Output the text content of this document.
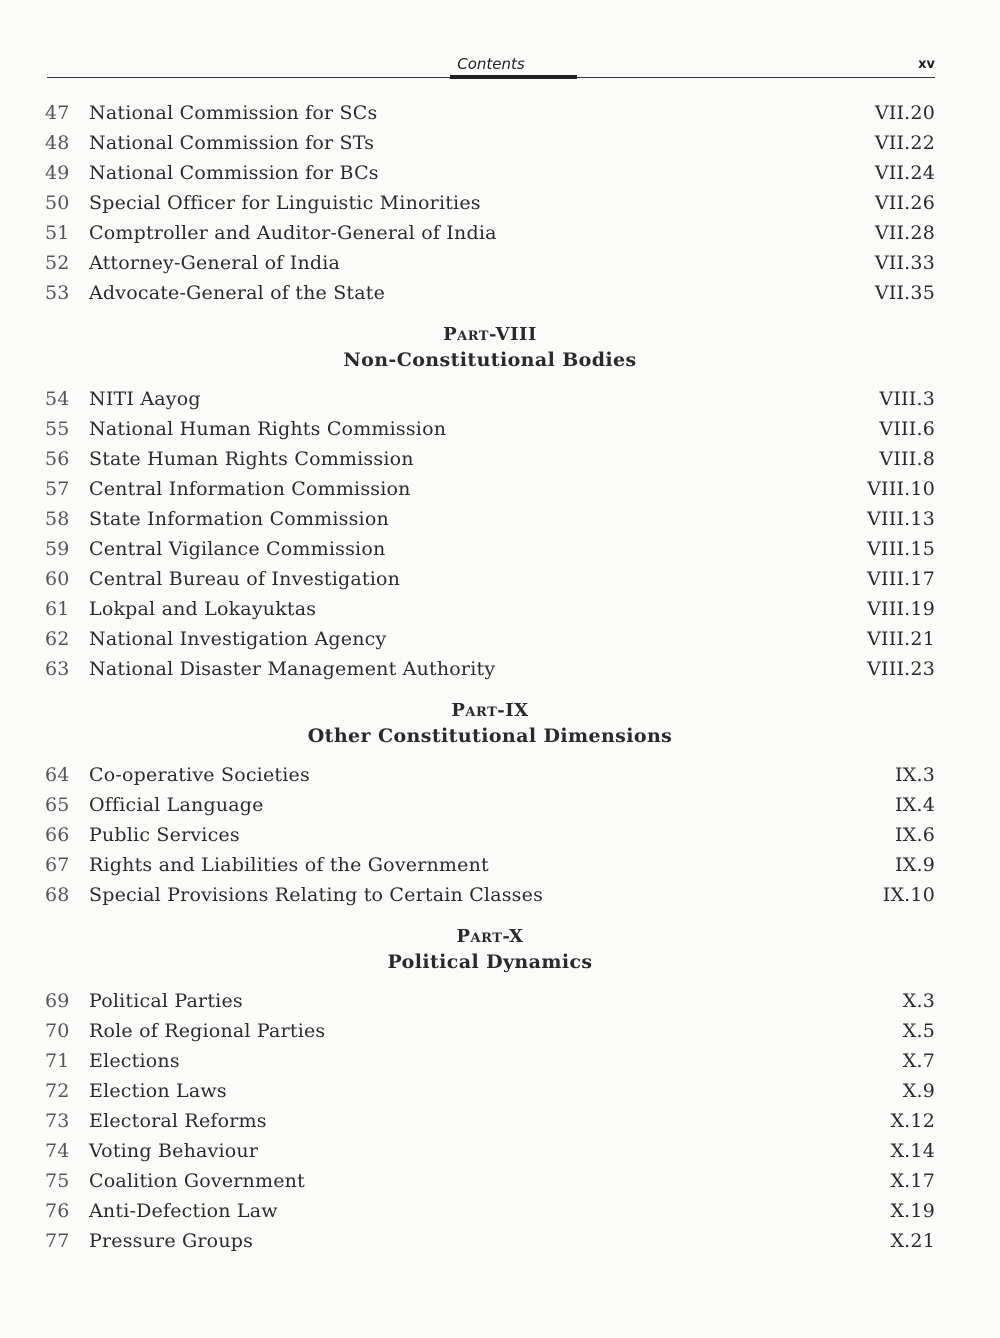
Contents	xv
47	National Commission for SCs	VII.20
48	National Commission for STs	VII.22
49	National Commission for BCs	VII.24
50	Special Officer for Linguistic Minorities	VII.26
51	Comptroller and Auditor-General of India	VII.28
52	Attorney-General of India	VII.33
53	Advocate-General of the State	VII.35
Part-VIII
Non-Constitutional Bodies
54	NITI Aayog	VIII.3
55	National Human Rights Commission	VIII.6
56	State Human Rights Commission	VIII.8
57	Central Information Commission	VIII.10
58	State Information Commission	VIII.13
59	Central Vigilance Commission	VIII.15
60	Central Bureau of Investigation	VIII.17
61	Lokpal and Lokayuktas	VIII.19
62	National Investigation Agency	VIII.21
63	National Disaster Management Authority	VIII.23
Part-IX
Other Constitutional Dimensions
64	Co-operative Societies	IX.3
65	Official Language	IX.4
66	Public Services	IX.6
67	Rights and Liabilities of the Government	IX.9
68	Special Provisions Relating to Certain Classes	IX.10
Part-X
Political Dynamics
69	Political Parties	X.3
70	Role of Regional Parties	X.5
71	Elections	X.7
72	Election Laws	X.9
73	Electoral Reforms	X.12
74	Voting Behaviour	X.14
75	Coalition Government	X.17
76	Anti-Defection Law	X.19
77	Pressure Groups	X.21
